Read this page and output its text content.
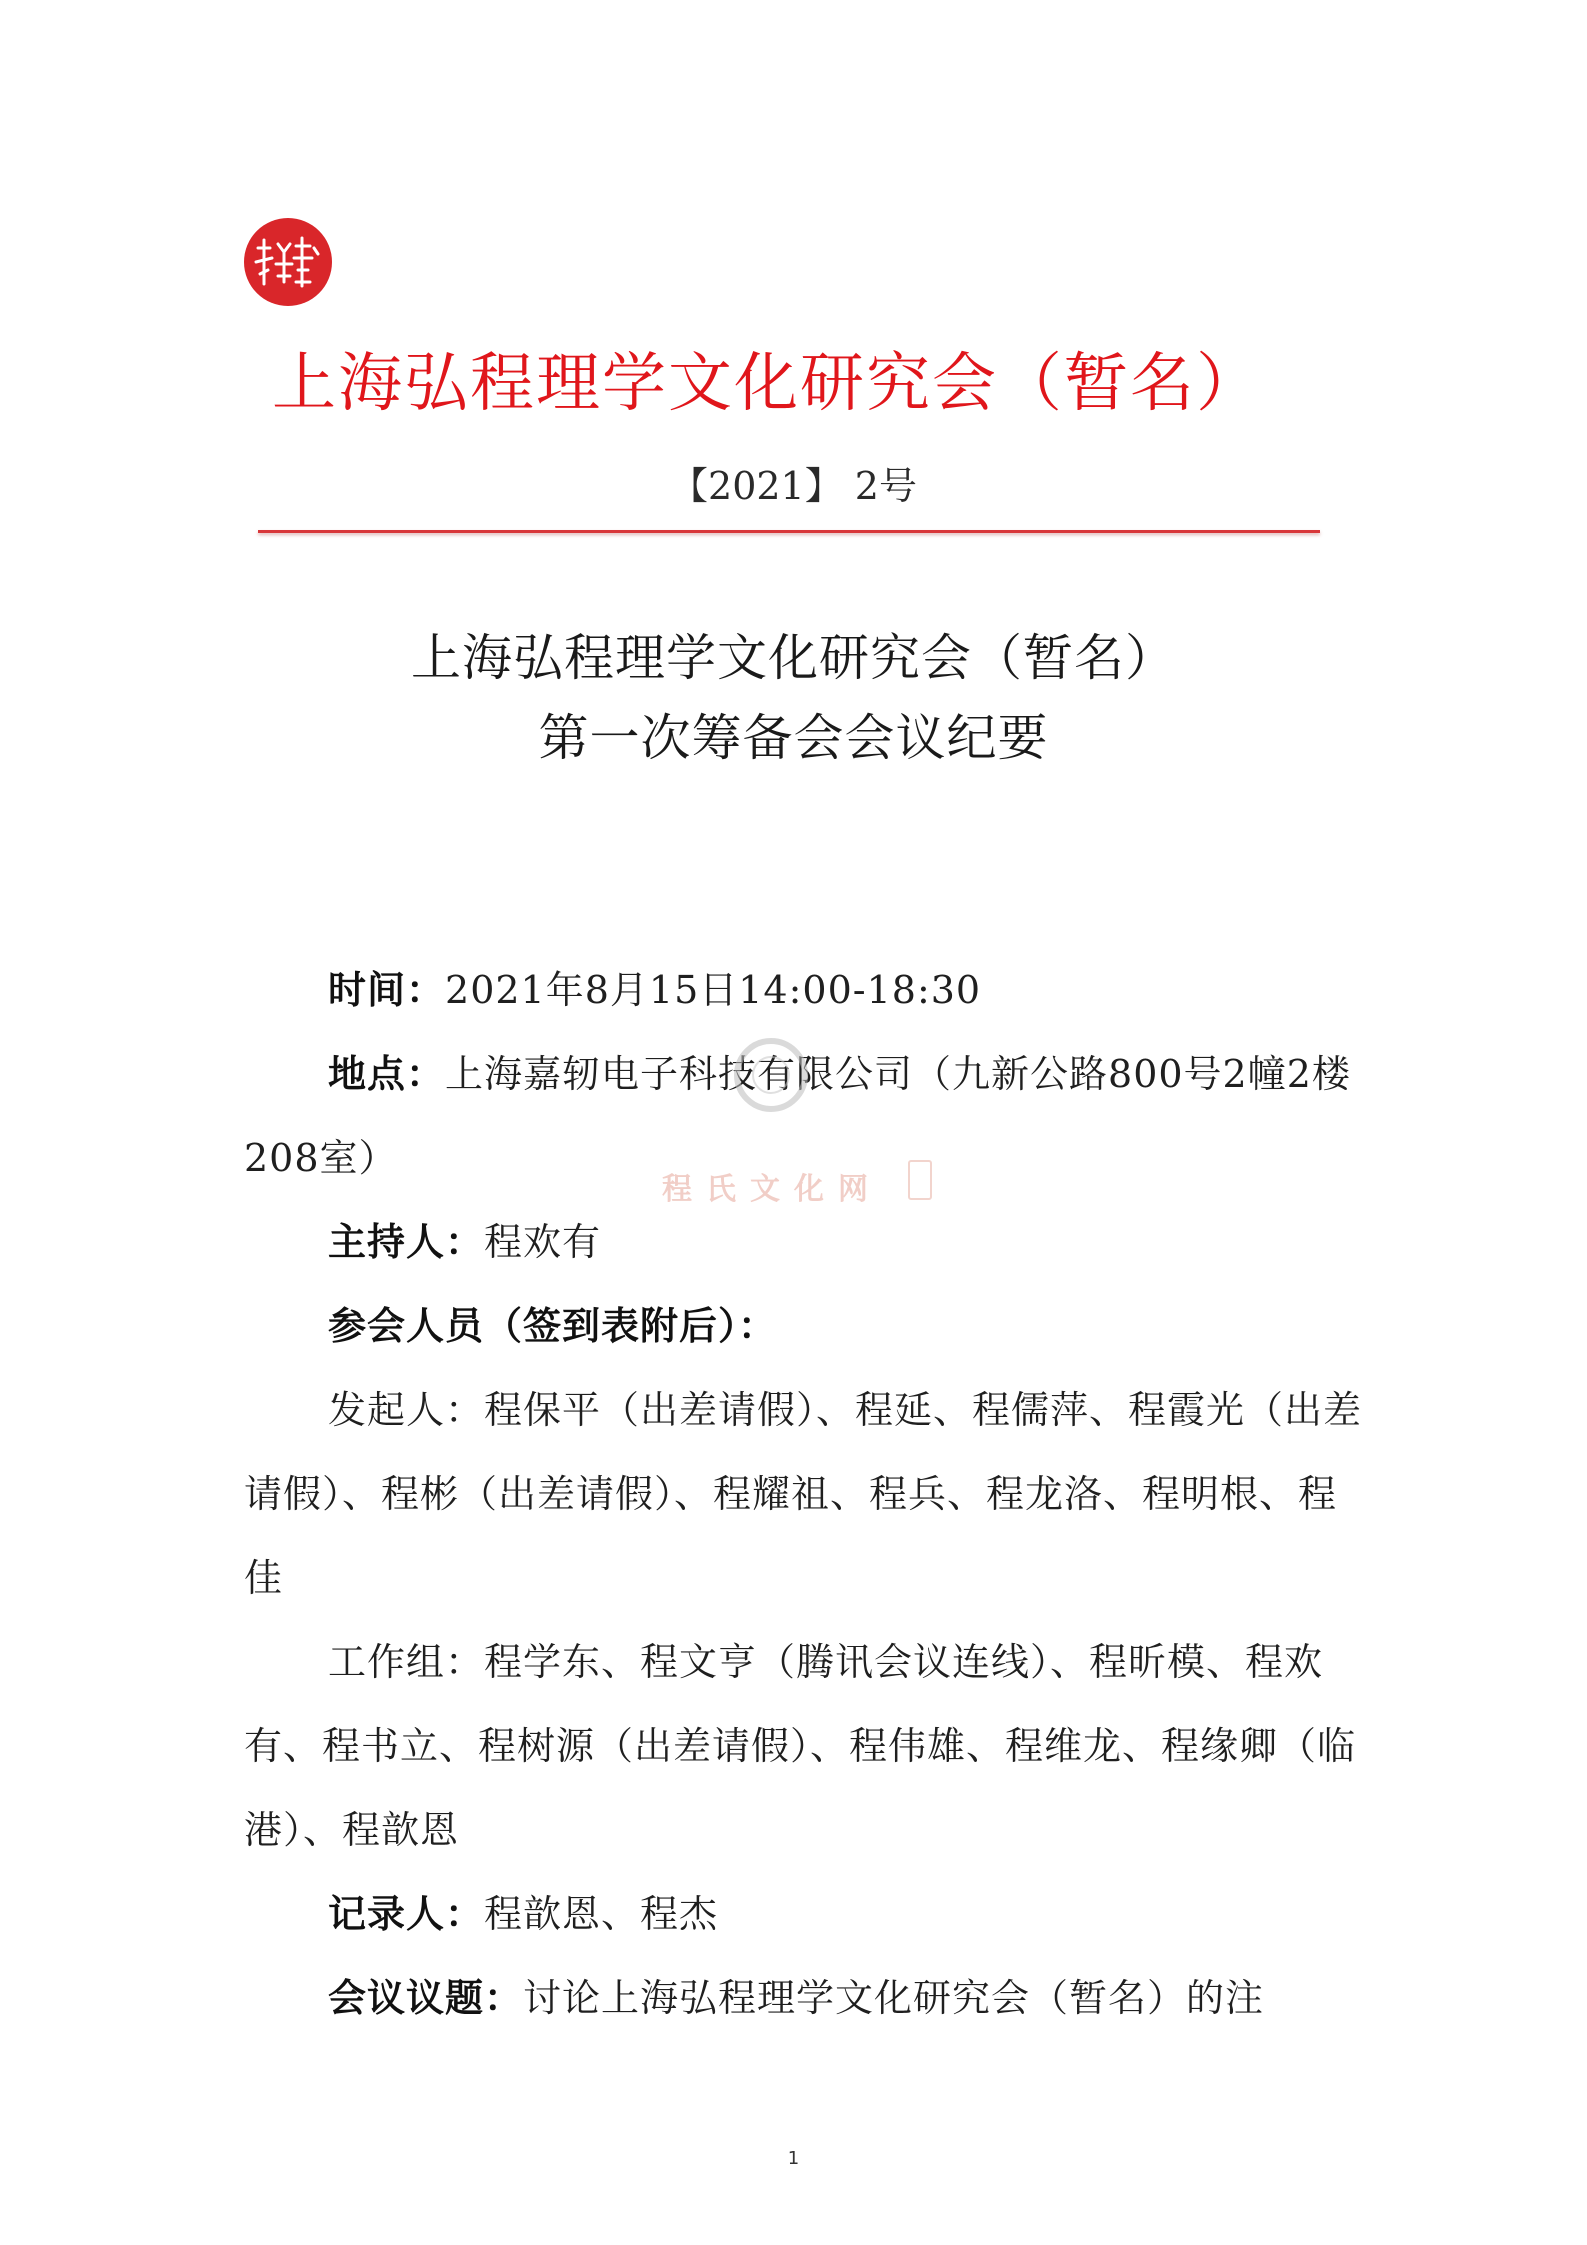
上海弘程理学文化研究会（暂名）
【2021】 2号
上海弘程理学文化研究会（暂名）
第一次筹备会会议纪要

时间：2021年8月15日14:00-18:30

地点：上海嘉轫电子科技有限公司（九新公路800号2幢2楼208室）

主持人：程欢有

参会人员（签到表附后）：

发起人：程保平（出差请假）、程延、程儒萍、程霞光（出差请假）、程彬（出差请假）、程耀祖、程兵、程龙洛、程明根、程佳

工作组：程学东、程文亨（腾讯会议连线）、程昕模、程欢有、程书立、程树源（出差请假）、程伟雄、程维龙、程缘卿（临港）、程歆恩

记录人：程歆恩、程杰

会议议题：讨论上海弘程理学文化研究会（暂名）的注

程氏文化网
1
